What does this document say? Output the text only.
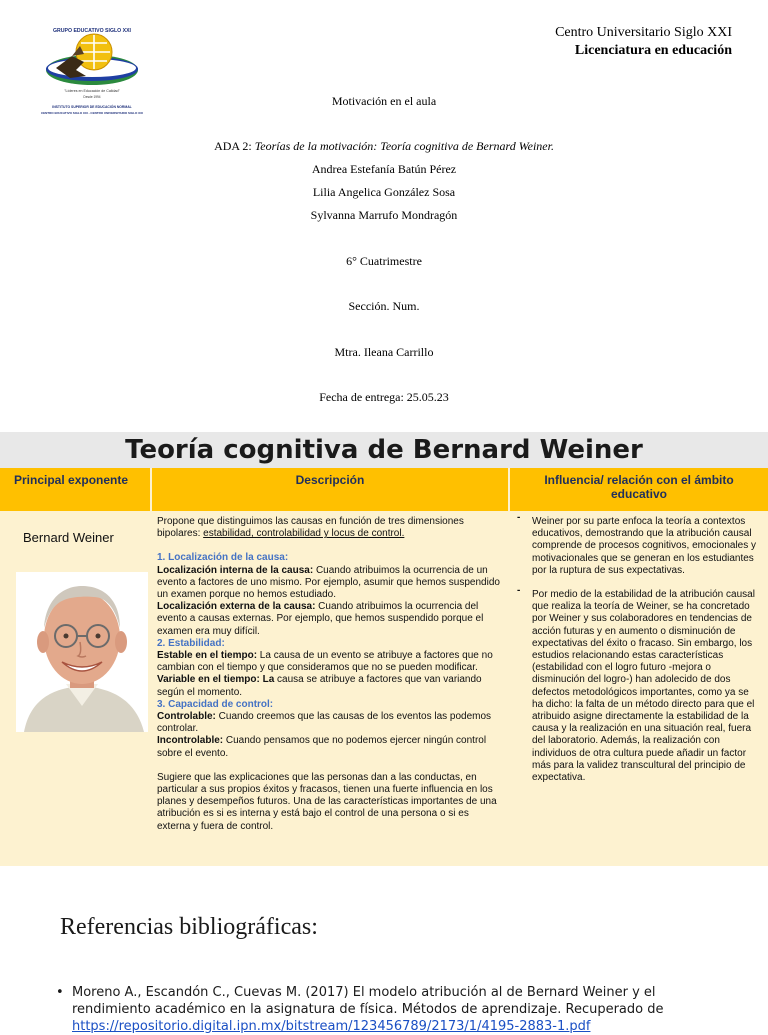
GRUPO EDUCATIVO SIGLO XXI
"Líderes en Educación de Calidad"
Desde 1994
INSTITUTO SUPERIOR DE EDUCACIÓN NORMAL
CENTRO EDUCATIVO SIGLO XXI - CENTRO UNIVERSITARIO SIGLO XXI
Centro Universitario Siglo XXI
Licenciatura en educación
Motivación en el aula
ADA 2: Teorías de la motivación: Teoría cognitiva de Bernard Weiner.
Andrea Estefanía Batún Pérez
Lilia Angelica González Sosa
Sylvanna Marrufo Mondragón
6° Cuatrimestre
Sección. Num.
Mtra. Ileana Carrillo
Fecha de entrega: 25.05.23
Teoría cognitiva de Bernard Weiner
Principal exponente	Descripción	Influencia/ relación con el ámbito educativo
Bernard Weiner

Propone que distinguimos las causas en función de tres dimensiones bipolares: estabilidad, controlabilidad y locus de control.

1. Localización de la causa:

Localización interna de la causa: Cuando atribuimos la ocurrencia de un evento a factores de uno mismo. Por ejemplo, asumir que hemos suspendido un examen porque no hemos estudiado.

Localización externa de la causa: Cuando atribuimos la ocurrencia del evento a causas externas. Por ejemplo, que hemos suspendido porque el examen era muy difícil.

2. Estabilidad:

Estable en el tiempo: La causa de un evento se atribuye a factores que no cambian con el tiempo y que consideramos que no se pueden modificar.

Variable en el tiempo: La causa se atribuye a factores que van variando según el momento.

3. Capacidad de control:

Controlable: Cuando creemos que las causas de los eventos las podemos controlar.

Incontrolable: Cuando pensamos que no podemos ejercer ningún control sobre el evento.

Sugiere que las explicaciones que las personas dan a las conductas, en particular a sus propios éxitos y fracasos, tienen una fuerte influencia en los planes y desempeños futuros. Una de las características importantes de una atribución es si es interna y está bajo el control de una persona o si es externa y fuera de control.

- Weiner por su parte enfoca la teoría a contextos educativos, demostrando que la atribución causal comprende de procesos cognitivos, emocionales y motivacionales que se generan en los estudiantes por la ruptura de sus expectativas.

- Por medio de la estabilidad de la atribución causal que realiza la teoría de Weiner, se ha concretado por Weiner y sus colaboradores en tendencias de acción futuras y en aumento o disminución de expectativas del éxito o fracaso. Sin embargo, los estudios relacionando estas características (estabilidad con el logro futuro -mejora o disminución del logro-) han adolecido de dos defectos metodológicos importantes, como ya se ha dicho: la falta de un método directo para que el atribuido asigne directamente la estabilidad de la causa y la realización en una situación real, fuera del laboratorio. Además, la realización con individuos de otra cultura puede añadir un factor más para la validez transcultural del principio de expectativa.

Referencias bibliográficas:
• Moreno A., Escandón C., Cuevas M. (2017) El modelo atribución al de Bernard Weiner y el rendimiento académico en la asignatura de física. Métodos de aprendizaje. Recuperado de https://repositorio.digital.ipn.mx/bitstream/123456789/2173/1/4195-2883-1.pdf
